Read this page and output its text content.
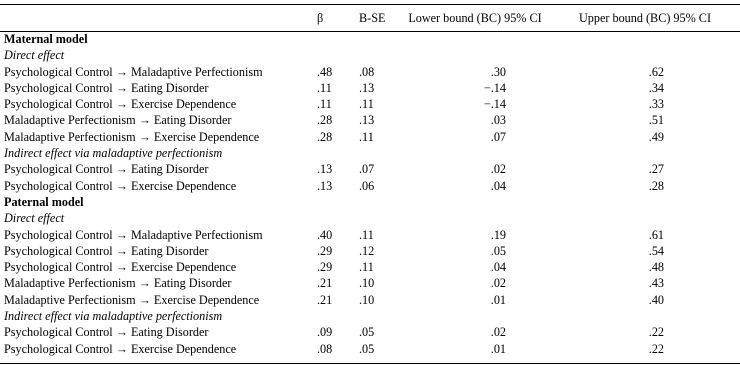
	β	B-SE	Lower bound (BC) 95% CI	Upper bound (BC) 95% CI
Maternal model				
Direct effect				
Psychological Control → Maladaptive Perfectionism	.48	.08	.30	.62
Psychological Control → Eating Disorder	.11	.13	−.14	.34
Psychological Control → Exercise Dependence	.11	.11	−.14	.33
Maladaptive Perfectionism → Eating Disorder	.28	.13	.03	.51
Maladaptive Perfectionism → Exercise Dependence	.28	.11	.07	.49
Indirect effect via maladaptive perfectionism				
Psychological Control → Eating Disorder	.13	.07	.02	.27
Psychological Control → Exercise Dependence	.13	.06	.04	.28
Paternal model				
Direct effect				
Psychological Control → Maladaptive Perfectionism	.40	.11	.19	.61
Psychological Control → Eating Disorder	.29	.12	.05	.54
Psychological Control → Exercise Dependence	.29	.11	.04	.48
Maladaptive Perfectionism → Eating Disorder	.21	.10	.02	.43
Maladaptive Perfectionism → Exercise Dependence	.21	.10	.01	.40
Indirect effect via maladaptive perfectionism				
Psychological Control → Eating Disorder	.09	.05	.02	.22
Psychological Control → Exercise Dependence	.08	.05	.01	.22
